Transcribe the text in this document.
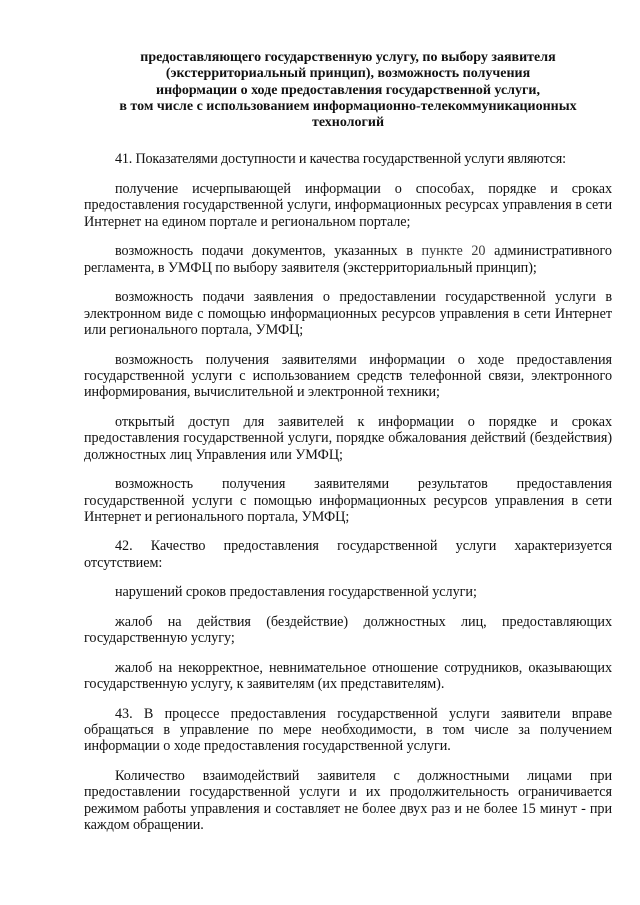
предоставляющего государственную услугу, по выбору заявителя
(экстерриториальный принцип), возможность получения
информации о ходе предоставления государственной услуги,
в том числе с использованием информационно-телекоммуникационных
технологий

41. Показателями доступности и качества государственной услуги являются:

получение исчерпывающей информации о способах, порядке и сроках предоставления государственной услуги, информационных ресурсах управления в сети Интернет на едином портале и региональном портале;

возможность подачи документов, указанных в пункте 20 административного регламента, в УМФЦ по выбору заявителя (экстерриториальный принцип);

возможность подачи заявления о предоставлении государственной услуги в электронном виде с помощью информационных ресурсов управления в сети Интернет или регионального портала, УМФЦ;

возможность получения заявителями информации о ходе предоставления государственной услуги с использованием средств телефонной связи, электронного информирования, вычислительной и электронной техники;

открытый доступ для заявителей к информации о порядке и сроках предоставления государственной услуги, порядке обжалования действий (бездействия) должностных лиц Управления или УМФЦ;

возможность получения заявителями результатов предоставления государственной услуги с помощью информационных ресурсов управления в сети Интернет и регионального портала, УМФЦ;

42. Качество предоставления государственной услуги характеризуется отсутствием:

нарушений сроков предоставления государственной услуги;

жалоб на действия (бездействие) должностных лиц, предоставляющих государственную услугу;

жалоб на некорректное, невнимательное отношение сотрудников, оказывающих государственную услугу, к заявителям (их представителям).

43. В процессе предоставления государственной услуги заявители вправе обращаться в управление по мере необходимости, в том числе за получением информации о ходе предоставления государственной услуги.

Количество взаимодействий заявителя с должностными лицами при предоставлении государственной услуги и их продолжительность ограничивается режимом работы управления и составляет не более двух раз и не более 15 минут - при каждом обращении.
